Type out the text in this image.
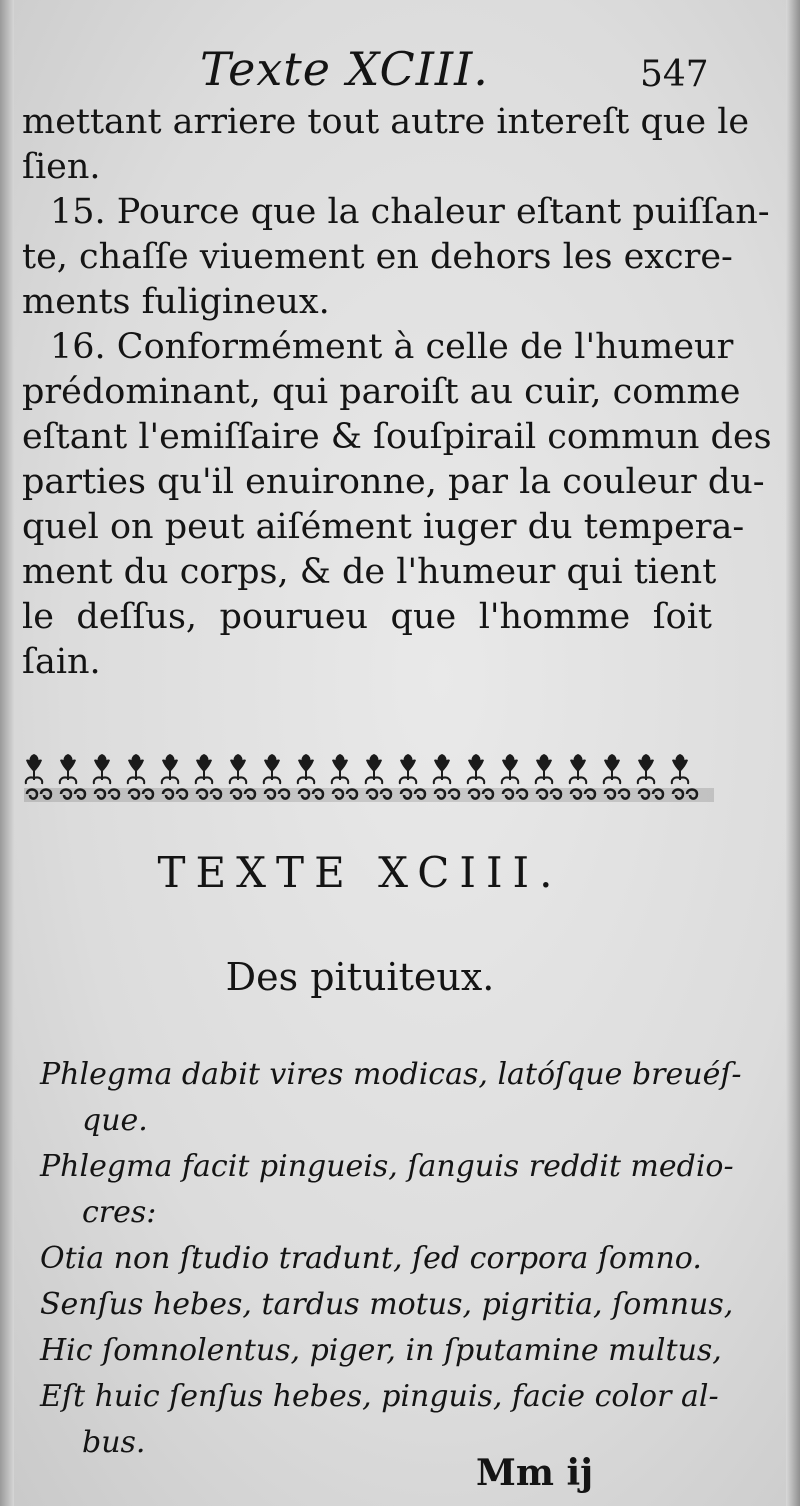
Texte XCIII.	547
mettant arriere tout autre intereſt que le
ſien.
15. Pource que la chaleur eſtant puiſſan-
te, chaſſe viuement en dehors les excre-
ments fuligineux.
16. Conformément à celle de l'humeur
prédominant, qui paroiſt au cuir, comme
eſtant l'emiſſaire & ſouſpirail commun des
parties qu'il enuironne, par la couleur du-
quel on peut aiſément iuger du tempera-
ment du corps, & de l'humeur qui tient
le deſſus, pourueu que l'homme ſoit
ſain.
TEXTE XCIII.
Des pituiteux.
Phlegma dabit vires modicas, latóſque breuéſ-
que.
Phlegma facit pingueis, ſanguis reddit medio-
cres:
Otia non ſtudio tradunt, ſed corpora ſomno.
Senſus hebes, tardus motus, pigritia, ſomnus,
Hic ſomnolentus, piger, in ſputamine multus,
Eſt huic ſenſus hebes, pinguis, facie color al-
bus.
Mm ij
